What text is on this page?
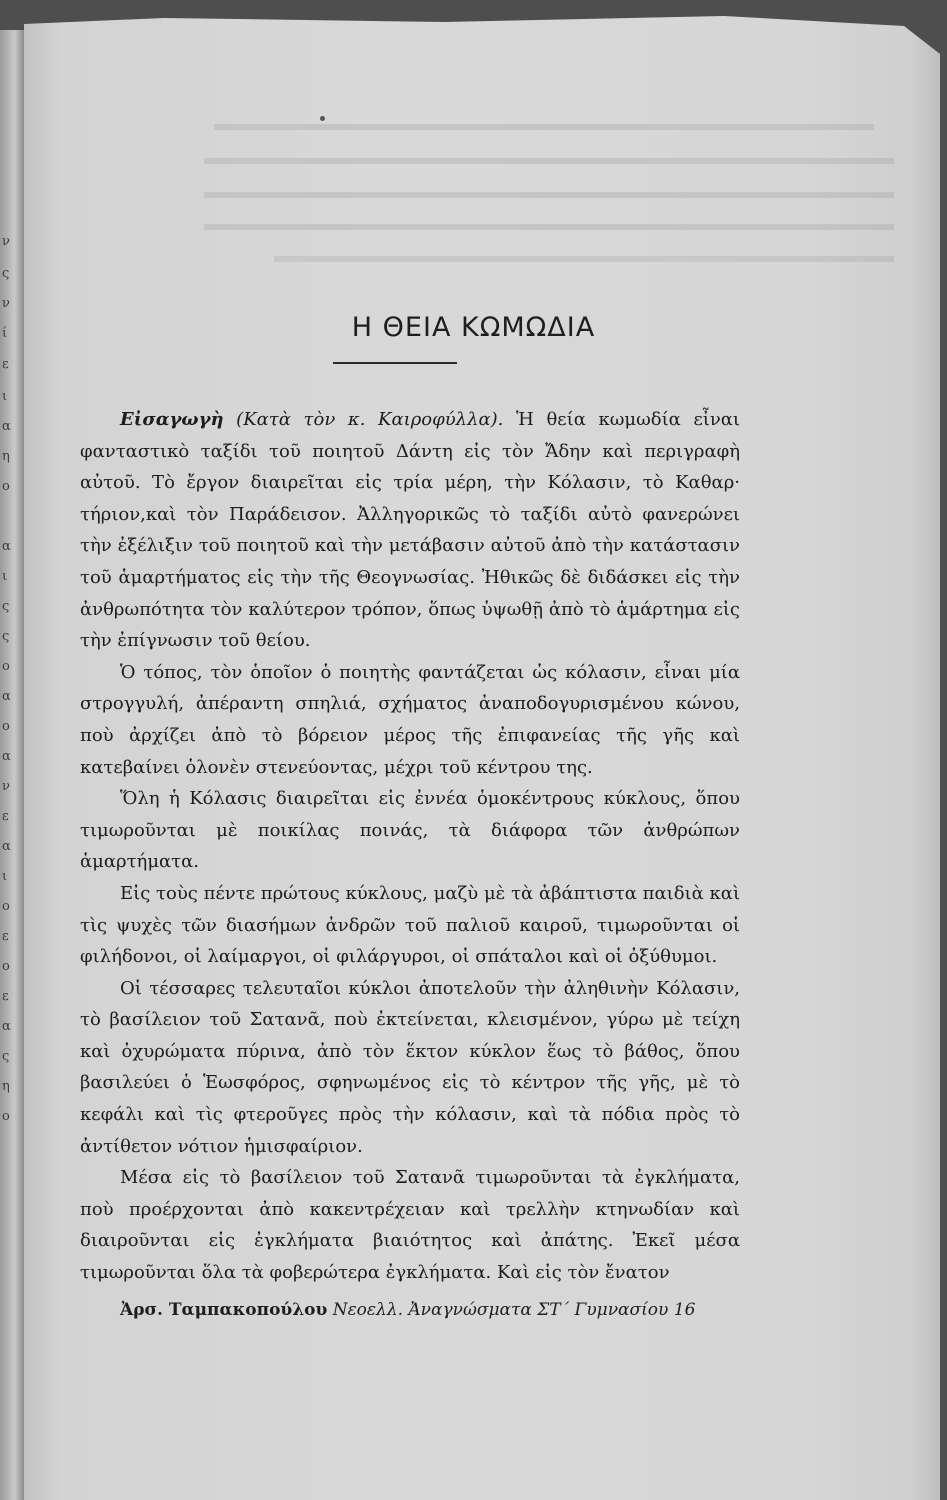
ν
ς
ν
ί
ε
ι
α
η
ο
α
ι
ς
ς
ο
α
ο
α
ν
ε
α
ι
ο
ε
ο
ε
α
ς
η
ο
Η ΘΕΙΑ ΚΩΜΩΔΙΑ

Εἰσαγωγὴ (Κατὰ τὸν κ. Καιροφύλλα). Ἡ θεία κωμωδία εἶναι φανταστικὸ ταξίδι τοῦ ποιητοῦ Δάντη εἰς τὸν Ἄδην καὶ περιγραφὴ αὐτοῦ. Τὸ ἔργον διαιρεῖται εἰς τρία μέρη, τὴν Κόλασιν, τὸ Καθαρ· τήριον,καὶ τὸν Παράδεισον. Ἀλληγορικῶς τὸ ταξίδι αὐτὸ φανερώνει τὴν ἐξέλιξιν τοῦ ποιητοῦ καὶ τὴν μετάβασιν αὐτοῦ ἀπὸ τὴν κατάστασιν τοῦ ἁμαρτήματος εἰς τὴν τῆς Θεογνωσίας. Ἠθικῶς δὲ διδάσκει εἰς τὴν ἀνθρωπότητα τὸν καλύτερον τρόπον, ὅπως ὑψωθῇ ἀπὸ τὸ ἁμάρτημα εἰς τὴν ἐπίγνωσιν τοῦ θείου.

Ὁ τόπος, τὸν ὁποῖον ὁ ποιητὴς φαντάζεται ὡς κόλασιν, εἶναι μία στρογγυλή, ἀπέραντη σπηλιά, σχήματος ἀναποδογυρισμένου κώνου, ποὺ ἀρχίζει ἀπὸ τὸ βόρειον μέρος τῆς ἐπιφανείας τῆς γῆς καὶ κατεβαίνει ὁλονὲν στενεύοντας, μέχρι τοῦ κέντρου της.

Ὅλη ἡ Κόλασις διαιρεῖται εἰς ἐννέα ὁμοκέντρους κύκλους, ὅπου τιμωροῦνται μὲ ποικίλας ποινάς, τὰ διάφορα τῶν ἀνθρώπων ἁμαρτήματα.

Εἰς τοὺς πέντε πρώτους κύκλους, μαζὺ μὲ τὰ ἀβάπτιστα παιδιὰ καὶ τὶς ψυχὲς τῶν διασήμων ἀνδρῶν τοῦ παλιοῦ καιροῦ, τιμωροῦνται οἱ φιλήδονοι, οἱ λαίμαργοι, οἱ φιλάργυροι, οἱ σπάταλοι καὶ οἱ ὀξύθυμοι.

Οἱ τέσσαρες τελευταῖοι κύκλοι ἀποτελοῦν τὴν ἀληθινὴν Κόλασιν, τὸ βασίλειον τοῦ Σατανᾶ, ποὺ ἐκτείνεται, κλεισμένον, γύρω μὲ τείχη καὶ ὀχυρώματα πύρινα, ἀπὸ τὸν ἕκτον κύκλον ἕως τὸ βάθος, ὅπου βασιλεύει ὁ Ἑωσφόρος, σφηνωμένος εἰς τὸ κέντρον τῆς γῆς, μὲ τὸ κεφάλι καὶ τὶς φτεροῦγες πρὸς τὴν κόλασιν, καὶ τὰ πόδια πρὸς τὸ ἀντίθετον νότιον ἡμισφαίριον.

Μέσα εἰς τὸ βασίλειον τοῦ Σατανᾶ τιμωροῦνται τὰ ἐγκλήματα, ποὺ προέρχονται ἀπὸ κακεντρέχειαν καὶ τρελλὴν κτηνωδίαν καὶ διαιροῦνται εἰς ἐγκλήματα βιαιότητος καὶ ἀπάτης. Ἐκεῖ μέσα τιμωροῦνται ὅλα τὰ φοβερώτερα ἐγκλήματα. Καὶ εἰς τὸν ἔνατον

Ἀρσ. Ταμπακοπούλου Νεοελλ. Ἀναγνώσματα ΣΤ΄ Γυμνασίου 16
